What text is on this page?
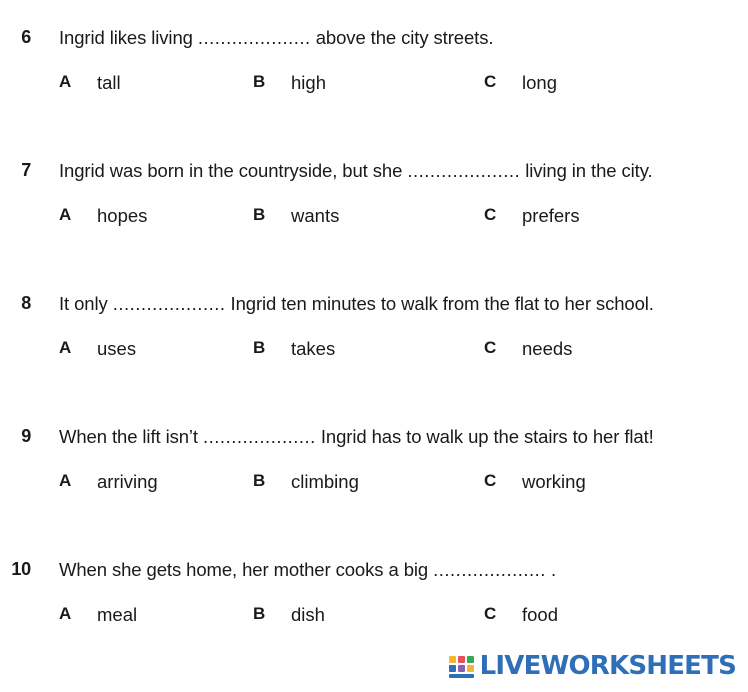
6 Ingrid likes living .................... above the city streets.
A tall	B high	C long
7 Ingrid was born in the countryside, but she .................... living in the city.
A hopes	B wants	C prefers
8 It only .................... Ingrid ten minutes to walk from the flat to her school.
A uses	B takes	C needs
9 When the lift isn’t .................... Ingrid has to walk up the stairs to her flat!
A arriving	B climbing	C working
10 When she gets home, her mother cooks a big .................... .
A meal	B dish	C food
LIVEWORKSHEETS
